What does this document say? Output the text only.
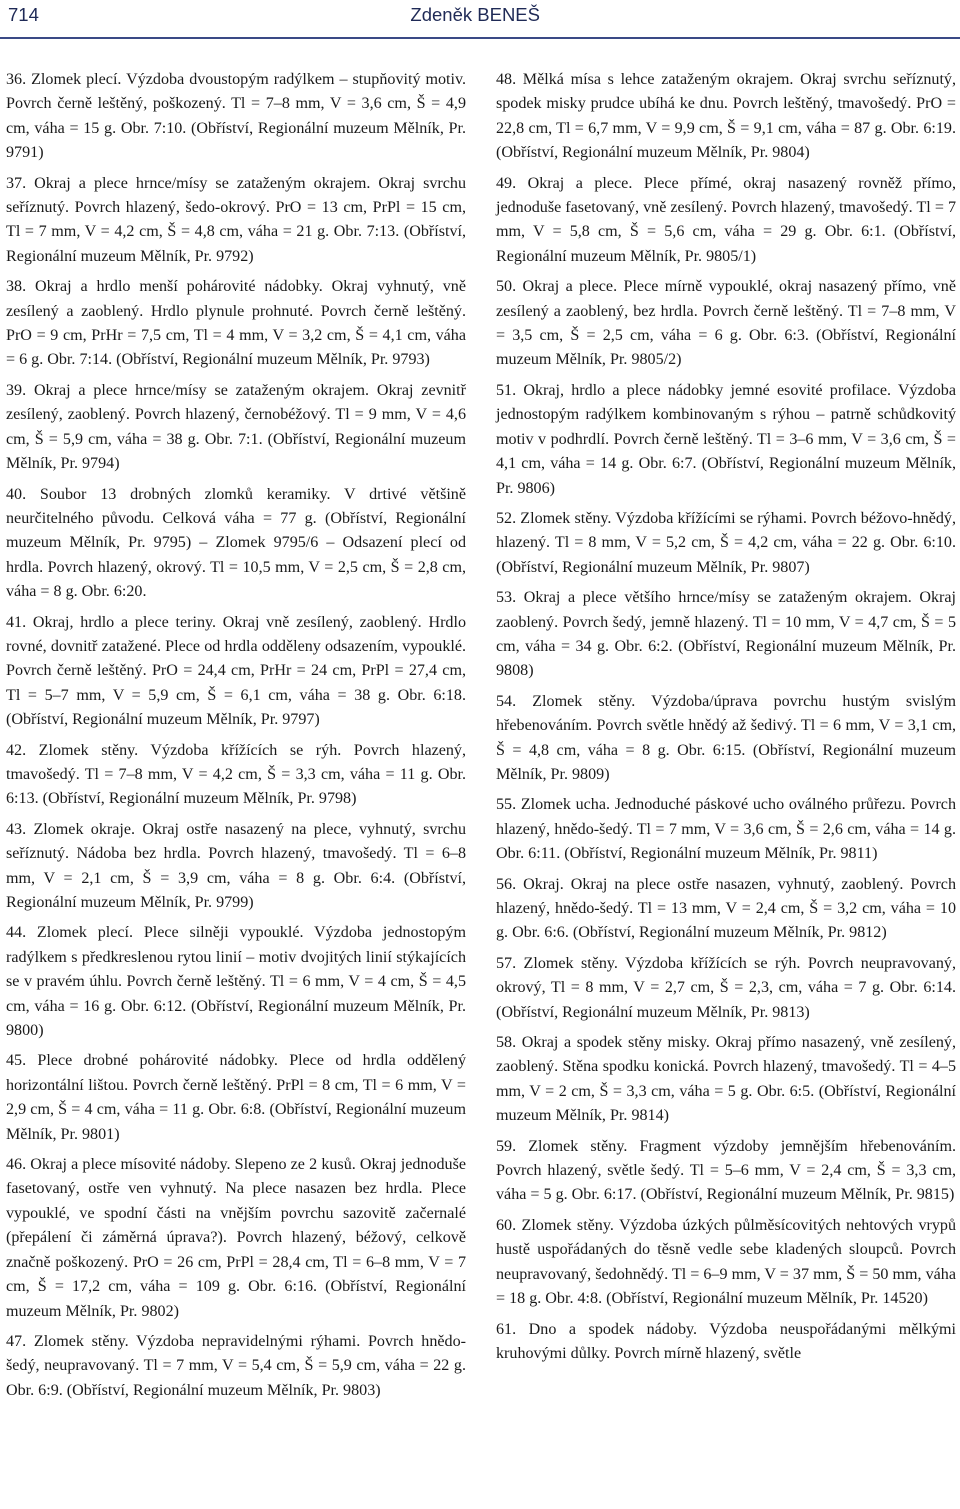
714	Zdeněk BENEŠ

36. Zlomek plecí. Výzdoba dvoustopým radýlkem – stupňovitý motiv. Povrch černě leštěný, poškozený. Tl = 7–8 mm, V = 3,6 cm, Š = 4,9 cm, váha = 15 g. Obr. 7:10. (Obříství, Regionální muzeum Mělník, Pr. 9791)

37. Okraj a plece hrnce/mísy se zataženým okrajem. Okraj svrchu seříznutý. Povrch hlazený, šedo-okrový. PrO = 13 cm, PrPl = 15 cm, Tl = 7 mm, V = 4,2 cm, Š = 4,8 cm, váha = 21 g. Obr. 7:13. (Obříství, Regionální muzeum Mělník, Pr. 9792)

38. Okraj a hrdlo menší pohárovité nádobky. Okraj vyhnutý, vně zesílený a zaoblený. Hrdlo plynule prohnuté. Povrch černě leštěný. PrO = 9 cm, PrHr = 7,5 cm, Tl = 4 mm, V = 3,2 cm, Š = 4,1 cm, váha = 6 g. Obr. 7:14. (Obříství, Regionální muzeum Mělník, Pr. 9793)

39. Okraj a plece hrnce/mísy se zataženým okrajem. Okraj zevnitř zesílený, zaoblený. Povrch hlazený, černobéžový. Tl = 9 mm, V = 4,6 cm, Š = 5,9 cm, váha = 38 g. Obr. 7:1. (Obříství, Regionální muzeum Mělník, Pr. 9794)

40. Soubor 13 drobných zlomků keramiky. V drtivé většině neurčitelného původu. Celková váha = 77 g. (Obříství, Regionální muzeum Mělník, Pr. 9795) – Zlomek 9795/6 – Odsazení plecí od hrdla. Povrch hlazený, okrový. Tl = 10,5 mm, V = 2,5 cm, Š = 2,8 cm, váha = 8 g. Obr. 6:20.

41. Okraj, hrdlo a plece teriny. Okraj vně zesílený, zaoblený. Hrdlo rovné, dovnitř zatažené. Plece od hrdla odděleny odsazením, vypouklé. Povrch černě leštěný. PrO = 24,4 cm, PrHr = 24 cm, PrPl = 27,4 cm, Tl = 5–7 mm, V = 5,9 cm, Š = 6,1 cm, váha = 38 g. Obr. 6:18. (Obříství, Regionální muzeum Mělník, Pr. 9797)

42. Zlomek stěny. Výzdoba křížících se rýh. Povrch hlazený, tmavošedý. Tl = 7–8 mm, V = 4,2 cm, Š = 3,3 cm, váha = 11 g. Obr. 6:13. (Obříství, Regionální muzeum Mělník, Pr. 9798)

43. Zlomek okraje. Okraj ostře nasazený na plece, vyhnutý, svrchu seříznutý. Nádoba bez hrdla. Povrch hlazený, tmavošedý. Tl = 6–8 mm, V = 2,1 cm, Š = 3,9 cm, váha = 8 g. Obr. 6:4. (Obříství, Regionální muzeum Mělník, Pr. 9799)

44. Zlomek plecí. Plece silněji vypouklé. Výzdoba jednostopým radýlkem s předkreslenou rytou linií – motiv dvojitých linií stýkajících se v pravém úhlu. Povrch černě leštěný. Tl = 6 mm, V = 4 cm, Š = 4,5 cm, váha = 16 g. Obr. 6:12. (Obříství, Regionální muzeum Mělník, Pr. 9800)

45. Plece drobné pohárovité nádobky. Plece od hrdla oddělený horizontální lištou. Povrch černě leštěný. PrPl = 8 cm, Tl = 6 mm, V = 2,9 cm, Š = 4 cm, váha = 11 g. Obr. 6:8. (Obříství, Regionální muzeum Mělník, Pr. 9801)

46. Okraj a plece mísovité nádoby. Slepeno ze 2 kusů. Okraj jednoduše fasetovaný, ostře ven vyhnutý. Na plece nasazen bez hrdla. Plece vypouklé, ve spodní části na vnějším povrchu sazovitě začernalé (přepálení či záměrná úprava?). Povrch hlazený, béžový, celkově značně poškozený. PrO = 26 cm, PrPl = 28,4 cm, Tl = 6–8 mm, V = 7 cm, Š = 17,2 cm, váha = 109 g. Obr. 6:16. (Obříství, Regionální muzeum Mělník, Pr. 9802)

47. Zlomek stěny. Výzdoba nepravidelnými rýhami. Povrch hnědo-šedý, neupravovaný. Tl = 7 mm, V = 5,4 cm, Š = 5,9 cm, váha = 22 g. Obr. 6:9. (Obříství, Regionální muzeum Mělník, Pr. 9803)

48. Mělká mísa s lehce zataženým okrajem. Okraj svrchu seříznutý, spodek misky prudce ubíhá ke dnu. Povrch leštěný, tmavošedý. PrO = 22,8 cm, Tl = 6,7 mm, V = 9,9 cm, Š = 9,1 cm, váha = 87 g. Obr. 6:19. (Obříství, Regionální muzeum Mělník, Pr. 9804)

49. Okraj a plece. Plece přímé, okraj nasazený rovněž přímo, jednoduše fasetovaný, vně zesílený. Povrch hlazený, tmavošedý. Tl = 7 mm, V = 5,8 cm, Š = 5,6 cm, váha = 29 g. Obr. 6:1. (Obříství, Regionální muzeum Mělník, Pr. 9805/1)

50. Okraj a plece. Plece mírně vypouklé, okraj nasazený přímo, vně zesílený a zaoblený, bez hrdla. Povrch černě leštěný. Tl = 7–8 mm, V = 3,5 cm, Š = 2,5 cm, váha = 6 g. Obr. 6:3. (Obříství, Regionální muzeum Mělník, Pr. 9805/2)

51. Okraj, hrdlo a plece nádobky jemné esovité profilace. Výzdoba jednostopým radýlkem kombinovaným s rýhou – patrně schůdkovitý motiv v podhrdlí. Povrch černě leštěný. Tl = 3–6 mm, V = 3,6 cm, Š = 4,1 cm, váha = 14 g. Obr. 6:7. (Obříství, Regionální muzeum Mělník, Pr. 9806)

52. Zlomek stěny. Výzdoba křížícími se rýhami. Povrch béžovo-hnědý, hlazený. Tl = 8 mm, V = 5,2 cm, Š = 4,2 cm, váha = 22 g. Obr. 6:10. (Obříství, Regionální muzeum Mělník, Pr. 9807)

53. Okraj a plece většího hrnce/mísy se zataženým okrajem. Okraj zaoblený. Povrch šedý, jemně hlazený. Tl = 10 mm, V = 4,7 cm, Š = 5 cm, váha = 34 g. Obr. 6:2. (Obříství, Regionální muzeum Mělník, Pr. 9808)

54. Zlomek stěny. Výzdoba/úprava povrchu hustým svislým hřebenováním. Povrch světle hnědý až šedivý. Tl = 6 mm, V = 3,1 cm, Š = 4,8 cm, váha = 8 g. Obr. 6:15. (Obříství, Regionální muzeum Mělník, Pr. 9809)

55. Zlomek ucha. Jednoduché páskové ucho oválného průřezu. Povrch hlazený, hnědo-šedý. Tl = 7 mm, V = 3,6 cm, Š = 2,6 cm, váha = 14 g. Obr. 6:11. (Obříství, Regionální muzeum Mělník, Pr. 9811)

56. Okraj. Okraj na plece ostře nasazen, vyhnutý, zaoblený. Povrch hlazený, hnědo-šedý. Tl = 13 mm, V = 2,4 cm, Š = 3,2 cm, váha = 10 g. Obr. 6:6. (Obříství, Regionální muzeum Mělník, Pr. 9812)

57. Zlomek stěny. Výzdoba křížících se rýh. Povrch neupravovaný, okrový, Tl = 8 mm, V = 2,7 cm, Š = 2,3, cm, váha = 7 g. Obr. 6:14. (Obříství, Regionální muzeum Mělník, Pr. 9813)

58. Okraj a spodek stěny misky. Okraj přímo nasazený, vně zesílený, zaoblený. Stěna spodku konická. Povrch hlazený, tmavošedý. Tl = 4–5 mm, V = 2 cm, Š = 3,3 cm, váha = 5 g. Obr. 6:5. (Obříství, Regionální muzeum Mělník, Pr. 9814)

59. Zlomek stěny. Fragment výzdoby jemnějším hřebenováním. Povrch hlazený, světle šedý. Tl = 5–6 mm, V = 2,4 cm, Š = 3,3 cm, váha = 5 g. Obr. 6:17. (Obříství, Regionální muzeum Mělník, Pr. 9815)

60. Zlomek stěny. Výzdoba úzkých půlměsícovitých nehtových vrypů hustě uspořádaných do těsně vedle sebe kladených sloupců. Povrch neupravovaný, šedohnědý. Tl = 6–9 mm, V = 37 mm, Š = 50 mm, váha = 18 g. Obr. 4:8. (Obříství, Regionální muzeum Mělník, Pr. 14520)

61. Dno a spodek nádoby. Výzdoba neuspořádanými mělkými kruhovými důlky. Povrch mírně hlazený, světle
